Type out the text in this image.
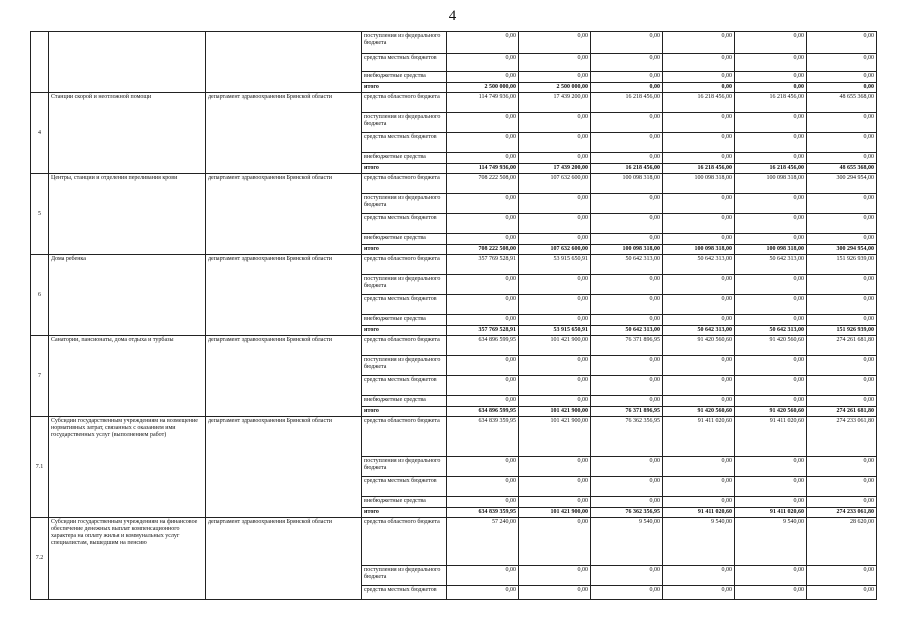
4
			поступления из федерального бюджета	0,00	0,00	0,00	0,00	0,00	0,00
			средства местных бюджетов	0,00	0,00	0,00	0,00	0,00	0,00
			внебюджетные средства	0,00	0,00	0,00	0,00	0,00	0,00
			итого	2 500 000,00	2 500 000,00	0,00	0,00	0,00	0,00
4	Станции скорой и неотложной помощи	департамент здравоохранения Брянской области	средства областного бюджета	114 749 936,00	17 439 200,00	16 218 456,00	16 218 456,00	16 218 456,00	48 655 368,00
			поступления из федерального бюджета	0,00	0,00	0,00	0,00	0,00	0,00
			средства местных бюджетов	0,00	0,00	0,00	0,00	0,00	0,00
			внебюджетные средства	0,00	0,00	0,00	0,00	0,00	0,00
			итого	114 749 936,00	17 439 200,00	16 218 456,00	16 218 456,00	16 218 456,00	48 655 368,00
5	Центры, станции и отделения переливания крови	департамент здравоохранения Брянской области	средства областного бюджета	708 222 508,00	107 632 600,00	100 098 318,00	100 098 318,00	100 098 318,00	300 294 954,00
			поступления из федерального бюджета	0,00	0,00	0,00	0,00	0,00	0,00
			средства местных бюджетов	0,00	0,00	0,00	0,00	0,00	0,00
			внебюджетные средства	0,00	0,00	0,00	0,00	0,00	0,00
			итого	708 222 508,00	107 632 600,00	100 098 318,00	100 098 318,00	100 098 318,00	300 294 954,00
6	Дома ребенка	департамент здравоохранения Брянской области	средства областного бюджета	357 769 528,91	53 915 650,91	50 642 313,00	50 642 313,00	50 642 313,00	151 926 939,00
			поступления из федерального бюджета	0,00	0,00	0,00	0,00	0,00	0,00
			средства местных бюджетов	0,00	0,00	0,00	0,00	0,00	0,00
			внебюджетные средства	0,00	0,00	0,00	0,00	0,00	0,00
			итого	357 769 528,91	53 915 650,91	50 642 313,00	50 642 313,00	50 642 313,00	151 926 939,00
7	Санатории, пансионаты, дома отдыха и турбазы	департамент здравоохранения Брянской области	средства областного бюджета	634 896 599,95	101 421 900,00	76 371 896,95	91 420 560,60	91 420 560,60	274 261 681,80
			поступления из федерального бюджета	0,00	0,00	0,00	0,00	0,00	0,00
			средства местных бюджетов	0,00	0,00	0,00	0,00	0,00	0,00
			внебюджетные средства	0,00	0,00	0,00	0,00	0,00	0,00
			итого	634 896 599,95	101 421 900,00	76 371 896,95	91 420 560,60	91 420 560,60	274 261 681,80
7.1	Субсидии государственным учреждениям на возмещение нормативных затрат, связанных с оказанием ими государственных услуг (выполнением работ)	департамент здравоохранения Брянской области	средства областного бюджета	634 839 359,95	101 421 900,00	76 362 356,95	91 411 020,60	91 411 020,60	274 233 061,80
			поступления из федерального бюджета	0,00	0,00	0,00	0,00	0,00	0,00
			средства местных бюджетов	0,00	0,00	0,00	0,00	0,00	0,00
			внебюджетные средства	0,00	0,00	0,00	0,00	0,00	0,00
			итого	634 839 359,95	101 421 900,00	76 362 356,95	91 411 020,60	91 411 020,60	274 233 061,80
7.2	Субсидии государственным учреждениям на финансовое обеспечение денежных выплат компенсационного характера на оплату жилья и коммунальных услуг специалистам, вышедшим на пенсию	департамент здравоохранения Брянской области	средства областного бюджета	57 240,00	0,00	9 540,00	9 540,00	9 540,00	28 620,00
			поступления из федерального бюджета	0,00	0,00	0,00	0,00	0,00	0,00
			средства местных бюджетов	0,00	0,00	0,00	0,00	0,00	0,00
